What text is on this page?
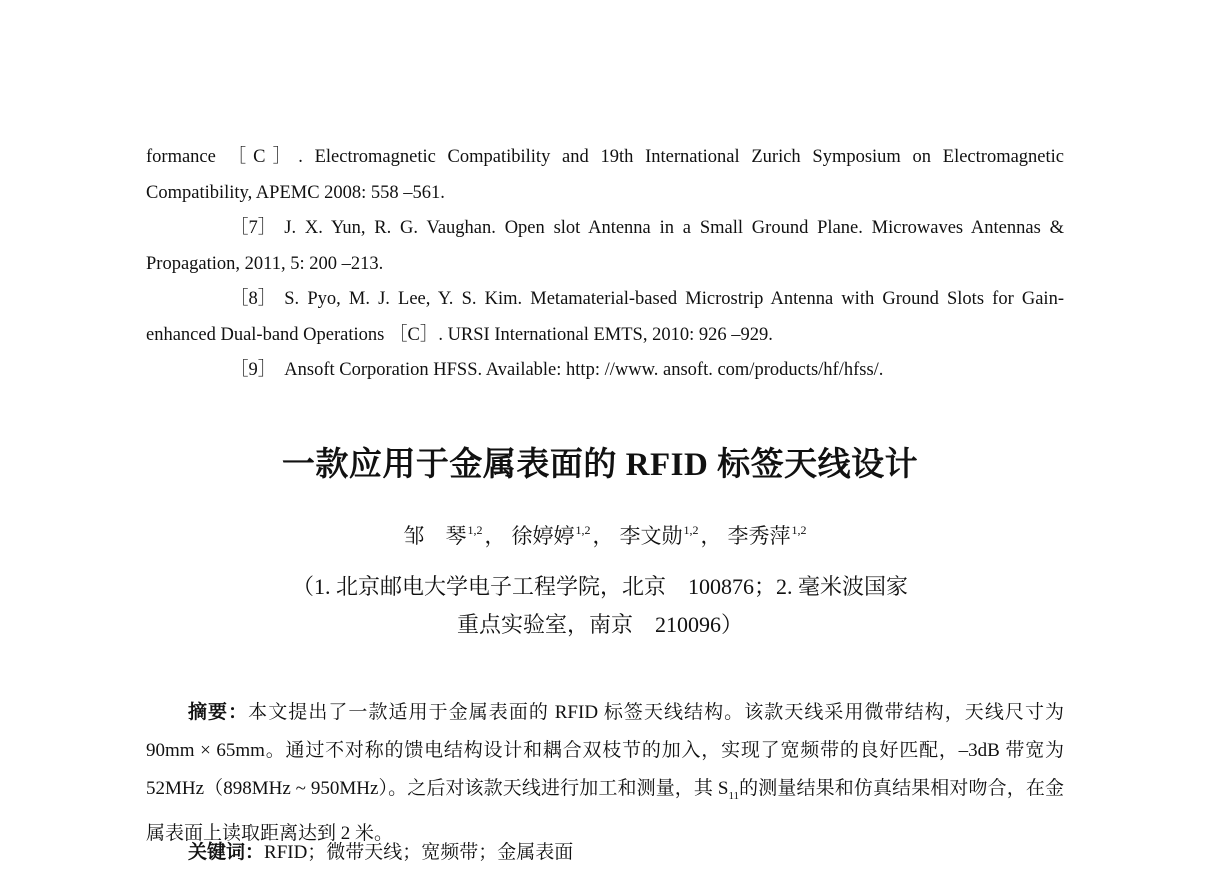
formance ［C］. Electromagnetic Compatibility and 19th International Zurich Symposium on Electromagnetic Compatibility, APEMC 2008: 558 –561.

［7］ J. X. Yun, R. G. Vaughan. Open slot Antenna in a Small Ground Plane. Microwaves Antennas & Propagation, 2011, 5: 200 –213.

［8］ S. Pyo, M. J. Lee, Y. S. Kim. Metamaterial-based Microstrip Antenna with Ground Slots for Gain-enhanced Dual-band Operations ［C］. URSI International EMTS, 2010: 926 –929.

［9］ Ansoft Corporation HFSS. Available: http: //www. ansoft. com/products/hf/hfss/.

一款应用于金属表面的 RFID 标签天线设计
邹　琴$^{1,2}$， 徐婷婷$^{1,2}$， 李文勋$^{1,2}$， 李秀萍$^{1,2}$
（1. 北京邮电大学电子工程学院，北京　100876；2. 毫米波国家
重点实验室，南京　210096）

摘要：本文提出了一款适用于金属表面的 RFID 标签天线结构。该款天线采用微带结构，天线尺寸为 90mm × 65mm。通过不对称的馈电结构设计和耦合双枝节的加入，实现了宽频带的良好匹配，–3dB 带宽为 52MHz（898MHz ~ 950MHz）。之后对该款天线进行加工和测量，其 $S_{11}$的测量结果和仿真结果相对吻合，在金属表面上读取距离达到 2 米。

关键词：RFID；微带天线；宽频带；金属表面
